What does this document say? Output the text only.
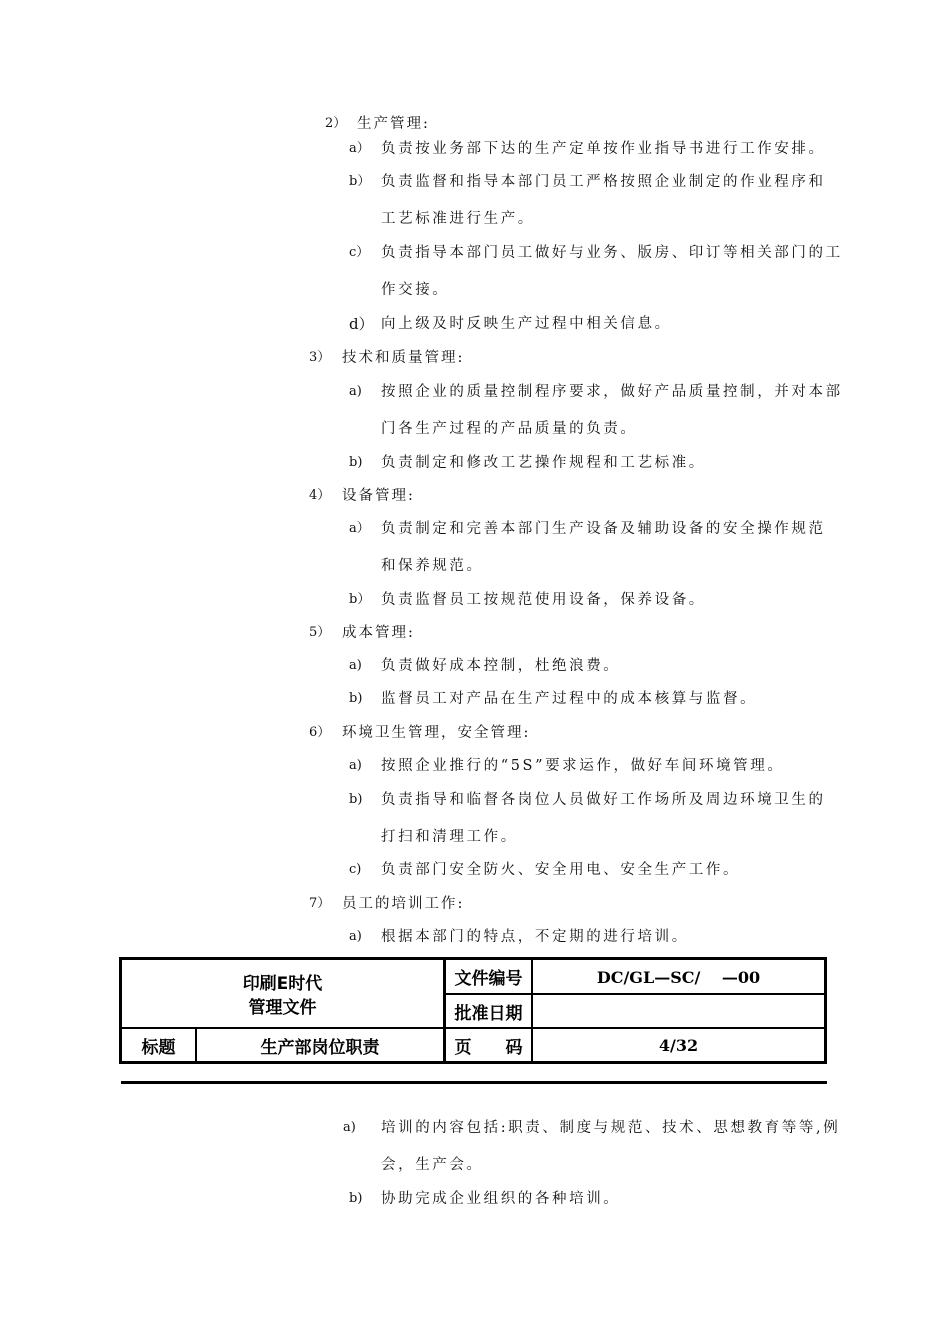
2） 生产管理:
a） 负责按业务部下达的生产定单按作业指导书进行工作安排。
b） 负责监督和指导本部门员工严格按照企业制定的作业程序和
工艺标准进行生产。
c） 负责指导本部门员工做好与业务、版房、印订等相关部门的工
作交接。
d） 向上级及时反映生产过程中相关信息。
3） 技术和质量管理:
a) 按照企业的质量控制程序要求，做好产品质量控制，并对本部
门各生产过程的产品质量的负责。
b) 负责制定和修改工艺操作规程和工艺标准。
4） 设备管理:
a） 负责制定和完善本部门生产设备及辅助设备的安全操作规范
和保养规范。
b） 负责监督员工按规范使用设备，保养设备。
5） 成本管理:
a) 负责做好成本控制，杜绝浪费。
b) 监督员工对产品在生产过程中的成本核算与监督。
6） 环境卫生管理，安全管理:
a) 按照企业推行的“5S”要求运作，做好车间环境管理。
b) 负责指导和临督各岗位人员做好工作场所及周边环境卫生的
打扫和清理工作。
c) 负责部门安全防火、安全用电、安全生产工作。
7） 员工的培训工作:
a) 根据本部门的特点，不定期的进行培训。
印刷E时代
管理文件
文件编号	DC/GL—SC/　 —00
批准日期
标题	生产部岗位职责	页　　码	4/32
a) 培训的内容包括:职责、制度与规范、技术、思想教育等等,例
会，生产会。
b) 协助完成企业组织的各种培训。
